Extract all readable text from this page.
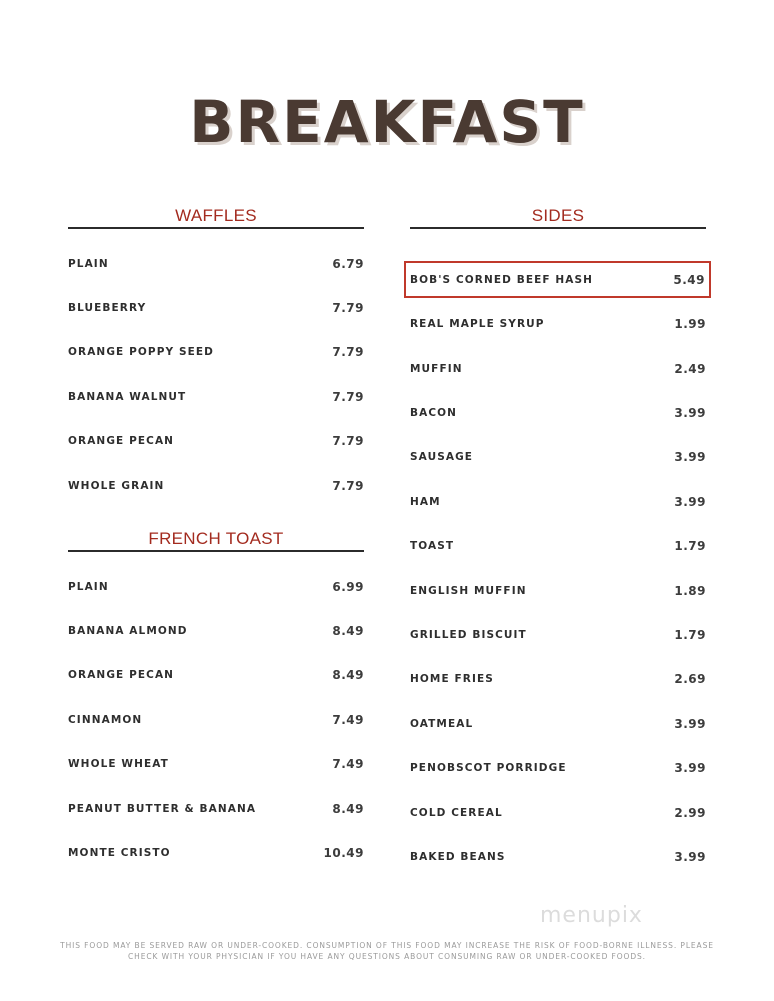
BREAKFAST
WAFFLES
PLAIN	6.79
BLUEBERRY	7.79
ORANGE POPPY SEED	7.79
BANANA WALNUT	7.79
ORANGE PECAN	7.79
WHOLE GRAIN	7.79
FRENCH TOAST
PLAIN	6.99
BANANA ALMOND	8.49
ORANGE PECAN	8.49
CINNAMON	7.49
WHOLE WHEAT	7.49
PEANUT BUTTER & BANANA	8.49
MONTE CRISTO	10.49
SIDES
BOB'S CORNED BEEF HASH	5.49
REAL MAPLE SYRUP	1.99
MUFFIN	2.49
BACON	3.99
SAUSAGE	3.99
HAM	3.99
TOAST	1.79
ENGLISH MUFFIN	1.89
GRILLED BISCUIT	1.79
HOME FRIES	2.69
OATMEAL	3.99
PENOBSCOT PORRIDGE	3.99
COLD CEREAL	2.99
BAKED BEANS	3.99
menupix
THIS FOOD MAY BE SERVED RAW OR UNDER-COOKED. CONSUMPTION OF THIS FOOD MAY INCREASE THE RISK OF FOOD-BORNE ILLNESS. PLEASE
CHECK WITH YOUR PHYSICIAN IF YOU HAVE ANY QUESTIONS ABOUT CONSUMING RAW OR UNDER-COOKED FOODS.
